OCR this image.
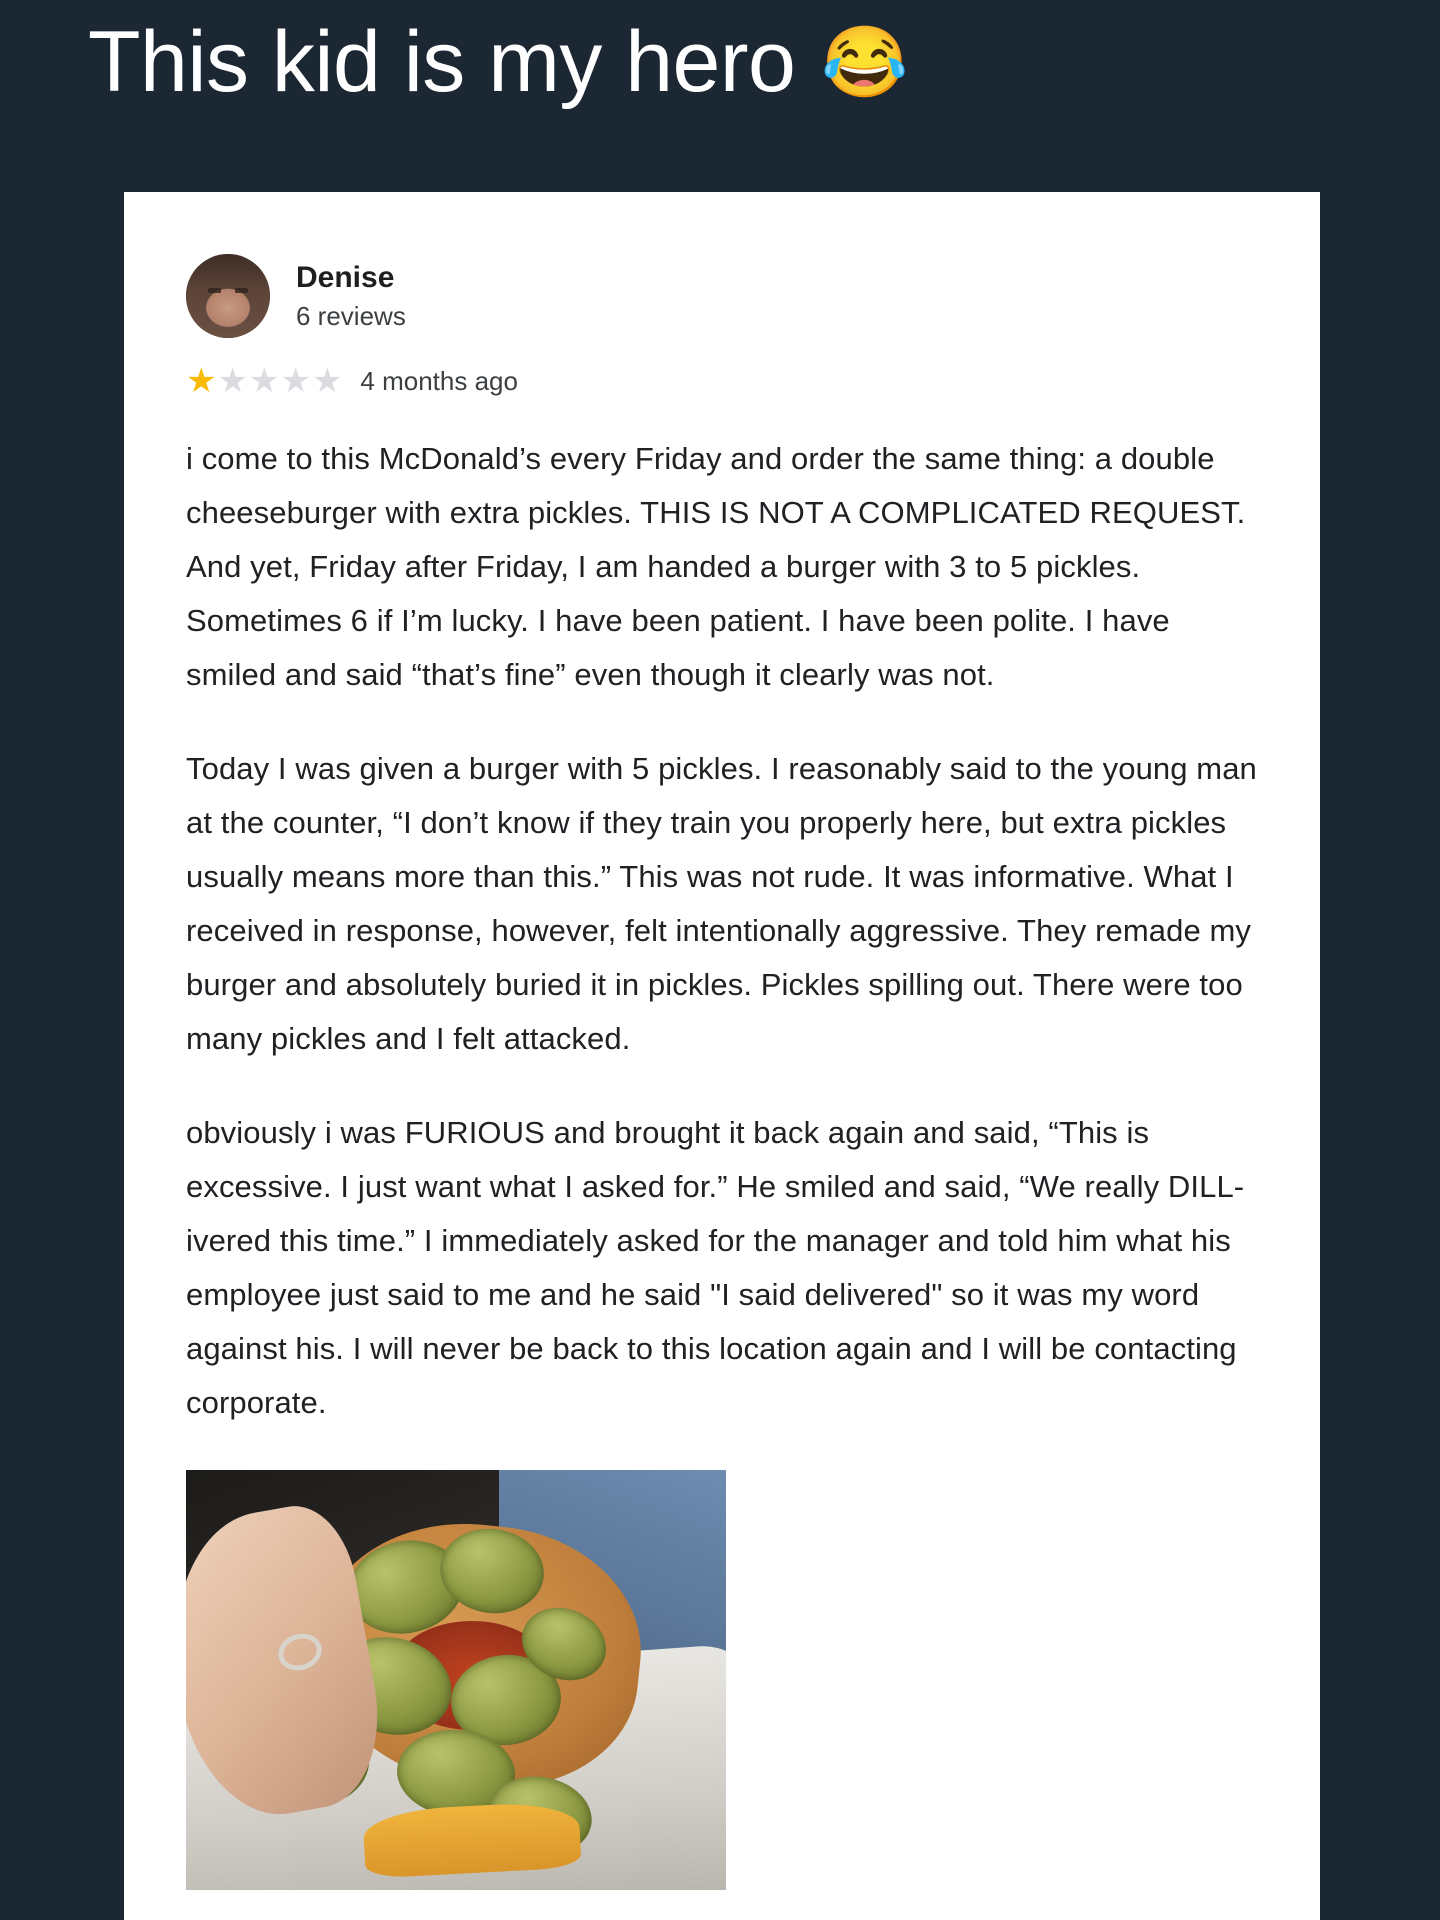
This kid is my hero 😂
Denise
6 reviews
★ ★ ★ ★ ★ 4 months ago

i come to this McDonald’s every Friday and order the same thing: a double cheeseburger with extra pickles. THIS IS NOT A COMPLICATED REQUEST. And yet, Friday after Friday, I am handed a burger with 3 to 5 pickles. Sometimes 6 if I’m lucky. I have been patient. I have been polite. I have smiled and said “that’s fine” even though it clearly was not.

Today I was given a burger with 5 pickles. I reasonably said to the young man at the counter, “I don’t know if they train you properly here, but extra pickles usually means more than this.” This was not rude. It was informative. What I received in response, however, felt intentionally aggressive. They remade my burger and absolutely buried it in pickles. Pickles spilling out. There were too many pickles and I felt attacked.

obviously i was FURIOUS and brought it back again and said, “This is excessive. I just want what I asked for.” He smiled and said, “We really DILL-ivered this time.” I immediately asked for the manager and told him what his employee just said to me and he said "I said delivered" so it was my word against his. I will never be back to this location again and I will be contacting corporate.
